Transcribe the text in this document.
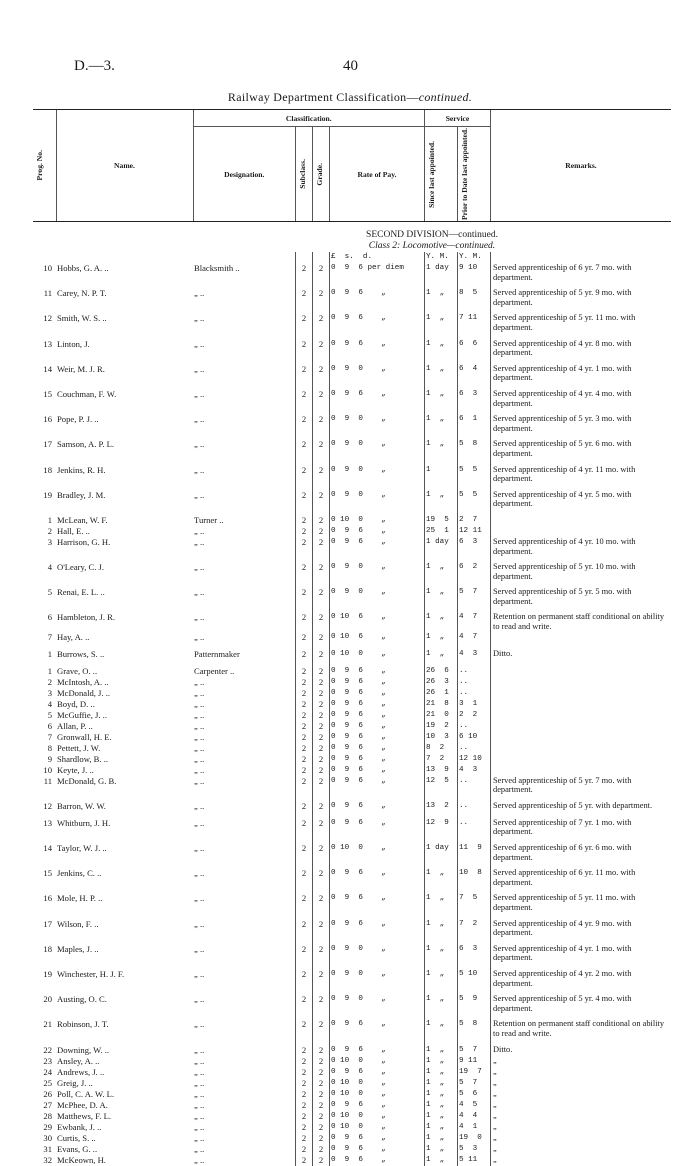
D.—3.	40
Railway Department Classification—continued.
Prog. No.	Name.	Classification.				Service		Remarks.	
		Designation.	Subclass.	Grade.	Rate of Pay.	Since last appointed.	Prior to Date last appointed.		

		SECOND DIVISION—continued.							
		Class 2: Locomotive—continued.							
					£  s.  d.	Y. M.	Y. M.		
10	Hobbs, G. A. ..	Blacksmith ..	2	2	0  9  6 per diem	1 day	9 10	Served apprenticeship of 6 yr. 7 mo. with department.	

11	Carey, N. P. T.	„ ..	2	2	0  9  6    „	1  „	8  5	Served apprenticeship of 5 yr. 9 mo. with department.	

12	Smith, W. S. ..	„ ..	2	2	0  9  6    „	1  „	7 11	Served apprenticeship of 5 yr. 11 mo. with department.	

13	Linton, J.	„ ..	2	2	0  9  6    „	1  „	6  6	Served apprenticeship of 4 yr. 8 mo. with department.	

14	Weir, M. J. R.	„ ..	2	2	0  9  0    „	1  „	6  4	Served apprenticeship of 4 yr. 1 mo. with department.	

15	Couchman, F. W.	„ ..	2	2	0  9  6    „	1  „	6  3	Served apprenticeship of 4 yr. 4 mo. with department.	

16	Pope, P. J. ..	„ ..	2	2	0  9  0    „	1  „	6  1	Served apprenticeship of 5 yr. 3 mo. with department.	

17	Samson, A. P. L.	„ ..	2	2	0  9  0    „	1  „	5  8	Served apprenticeship of 5 yr. 6 mo. with department.	

18	Jenkins, R. H.	„ ..	2	2	0  9  0    „	1	5  5	Served apprenticeship of 4 yr. 11 mo. with department.	

19	Bradley, J. M.	„ ..	2	2	0  9  0    „	1  „	5  5	Served apprenticeship of 4 yr. 5 mo. with department.	

1	McLean, W. F.	Turner ..	2	2	0 10  0    „	19  5	2  7		
2	Hall, E. ..	„ ..	2	2	0  9  6    „	25  1	12 11		
3	Harrison, G. H.	„ ..	2	2	0  9  6    „	1 day	6  3	Served apprenticeship of 4 yr. 10 mo. with department.	

4	O'Leary, C. J.	„ ..	2	2	0  9  0    „	1  „	6  2	Served apprenticeship of 5 yr. 10 mo. with department.	

5	Renai, E. L. ..	„ ..	2	2	0  9  0    „	1  „	5  7	Served apprenticeship of 5 yr. 5 mo. with department.	

6	Hambleton, J. R.	„ ..	2	2	0 10  6    „	1  „	4  7	Retention on permanent staff conditional on ability to read and write.	
7	Hay, A. ..	„ ..	2	2	0 10  6    „	1  „	4  7		

1	Burrows, S. ..	Patternmaker	2	2	0 10  0    „	1  „	4  3	Ditto.	

1	Grave, O. ..	Carpenter ..	2	2	0  9  6    „	26  6	..		
2	McIntosh, A. ..	„ ..	2	2	0  9  6    „	26  3	..		
3	McDonald, J. ..	„ ..	2	2	0  9  6    „	26  1	..		
4	Boyd, D. ..	„ ..	2	2	0  9  6    „	21  8	3  1		
5	McGuffie, J. ..	„ ..	2	2	0  9  6    „	21  0	2  2		
6	Allan, P. ..	„ ..	2	2	0  9  6    „	19  2	..		
7	Gronwall, H. E.	„ ..	2	2	0  9  6    „	10  3	6 10		
8	Pettett, J. W.	„ ..	2	2	0  9  6    „	8  2	..		
9	Shardlow, B. ..	„ ..	2	2	0  9  6    „	7  2	12 10		
10	Keyte, J. ..	„ ..	2	2	0  9  6    „	13  9	4  3		
11	McDonald, G. B.	„ ..	2	2	0  9  6    „	12  5	..	Served apprenticeship of 5 yr. 7 mo. with department.	

12	Barron, W. W.	„ ..	2	2	0  9  6    „	13  2	..	Served apprenticeship of 5 yr. with department.	

13	Whitburn, J. H.	„ ..	2	2	0  9  6    „	12  9	..	Served apprenticeship of 7 yr. 1 mo. with department.	

14	Taylor, W. J. ..	„ ..	2	2	0 10  0    „	1 day	11  9	Served apprenticeship of 6 yr. 6 mo. with department.	

15	Jenkins, C. ..	„ ..	2	2	0  9  6    „	1  „	10  8	Served apprenticeship of 6 yr. 11 mo. with department.	

16	Mole, H. P. ..	„ ..	2	2	0  9  6    „	1  „	7  5	Served apprenticeship of 5 yr. 11 mo. with department.	

17	Wilson, F. ..	„ ..	2	2	0  9  6    „	1  „	7  2	Served apprenticeship of 4 yr. 9 mo. with department.	

18	Maples, J. ..	„ ..	2	2	0  9  0    „	1  „	6  3	Served apprenticeship of 4 yr. 1 mo. with department.	

19	Winchester, H. J. F.	„ ..	2	2	0  9  0    „	1  „	5 10	Served apprenticeship of 4 yr. 2 mo. with department.	

20	Austing, O. C.	„ ..	2	2	0  9  0    „	1  „	5  9	Served apprenticeship of 5 yr. 4 mo. with department.	

21	Robinson, J. T.	„ ..	2	2	0  9  6    „	1  „	5  8	Retention on permanent staff conditional on ability to read and write.	

22	Downing, W. ..	„ ..	2	2	0  9  6    „	1  „	5  7	Ditto.	
23	Ansley, A. ..	„ ..	2	2	0 10  0    „	1  „	9 11	„	
24	Andrews, J. ..	„ ..	2	2	0  9  6    „	1  „	19  7	„	
25	Greig, J. ..	„ ..	2	2	0 10  0    „	1  „	5  7	„	
26	Poll, C. A. W. L.	„ ..	2	2	0 10  0    „	1  „	5  6	„	
27	McPhee, D. A.	„ ..	2	2	0  9  6    „	1  „	4  5	„	
28	Matthews, F. L.	„ ..	2	2	0 10  0    „	1  „	4  4	„	
29	Ewbank, J. ..	„ ..	2	2	0 10  0    „	1  „	4  1	„	
30	Curtis, S. ..	„ ..	2	2	0  9  6    „	1  „	19  0	„	
31	Evans, G. ..	„ ..	2	2	0  9  6    „	1  „	5  3	„	
32	McKeown, H.	„ ..	2	2	0  9  6    „	1  „	5 11	„	
